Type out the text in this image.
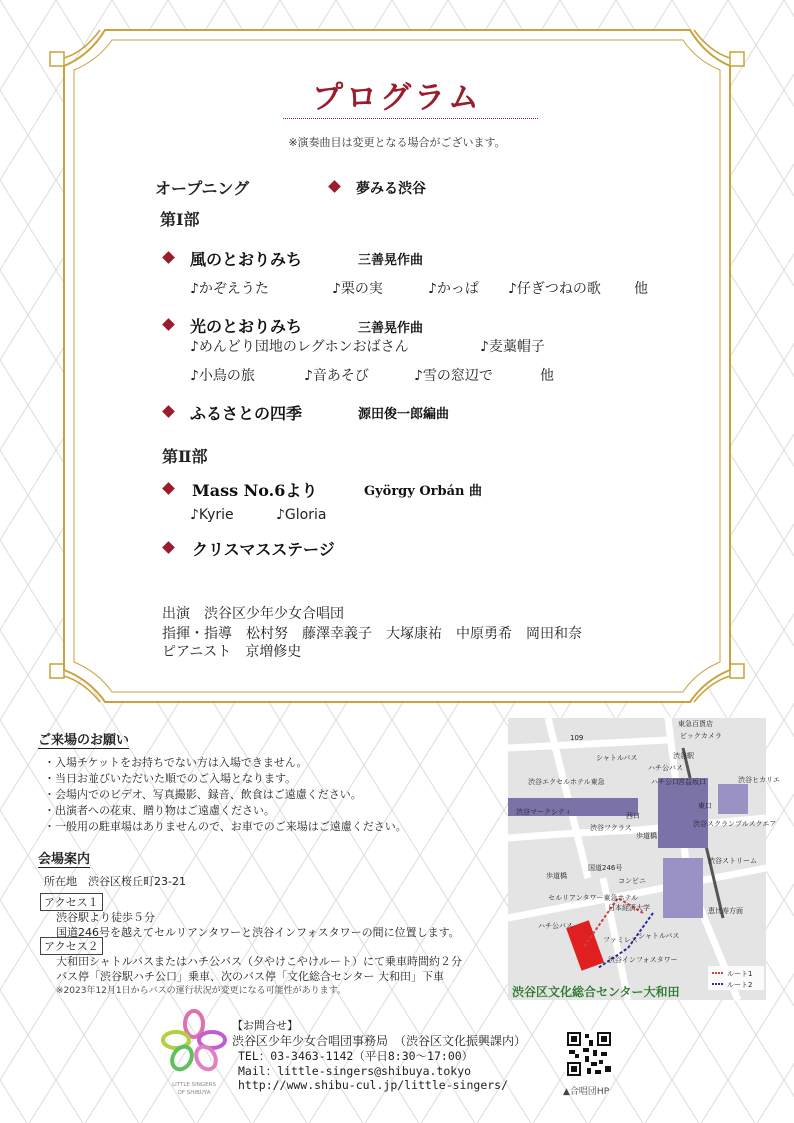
プログラム
※演奏曲目は変更となる場合がございます。
オープニング	夢みる渋谷
第Ⅰ部
風のとおりみち	三善晃作曲
♪かぞえうた	♪栗の実	♪かっぱ ♪仔ぎつねの歌 他
光のとおりみち	三善晃作曲
♪めんどり団地のレグホンおばさん	♪麦藁帽子
♪小鳥の旅	♪音あそび	♪雪の窓辺で	他
ふるさとの四季	源田俊一郎編曲
第Ⅱ部
Mass No.6より	György Orbán 曲
♪Kyrie	♪Gloria
クリスマスステージ
出演　渋谷区少年少女合唱団
指揮・指導　松村努　藤澤幸義子　大塚康祐　中原勇希　岡田和奈
ピアニスト　京増修史
ご来場のお願い
・入場チケットをお持ちでない方は入場できません。
・当日お並びいただいた順でのご入場となります。
・会場内でのビデオ、写真撮影、録音、飲食はご遠慮ください。
・出演者への花束、贈り物はご遠慮ください。
・一般用の駐車場はありませんので、お車でのご来場はご遠慮ください。
会場案内
所在地　渋谷区桜丘町23-21
アクセス１
渋谷駅より徒歩５分
国道246号を越えてセルリアンタワーと渋谷インフォスタワーの間に位置します。
アクセス２
大和田シャトルバスまたはハチ公バス（夕やけこやけルート）にて乗車時間約２分
バス停「渋谷駅ハチ公口」乗車、次のバス停「文化総合センター 大和田」下車
※2023年12月1日からバスの運行状況が変更になる可能性があります。
109
東急百貨店
ビックカメラ
シャトルバス
ハチ公バス
渋谷駅
ハチ公口 宮益坂口
東口
渋谷エクセルホテル東急
渋谷マークシティ
渋谷ヒカリエ
渋谷フクラス	渋谷スクランブルスクエア
西口
歩道橋
歩道橋
国道246号
渋谷ストリーム
セルリアンタワー東急ホテル
コンビニ
日本経済大学
ハチ公バス
ファミレス シャトルバス
恵比寿方面
渋谷インフォスタワー
ルート1
ルート2
渋谷区文化総合センター大和田
LITTLE SINGERS
OF SHIBUYA
【お問合せ】
渋谷区少年少女合唱団事務局　（渋谷区文化振興課内）
TEL：03-3463-1142（平日8:30～17:00）
Mail：little-singers@shibuya.tokyo
http://www.shibu-cul.jp/little-singers/	▲合唱団HP
